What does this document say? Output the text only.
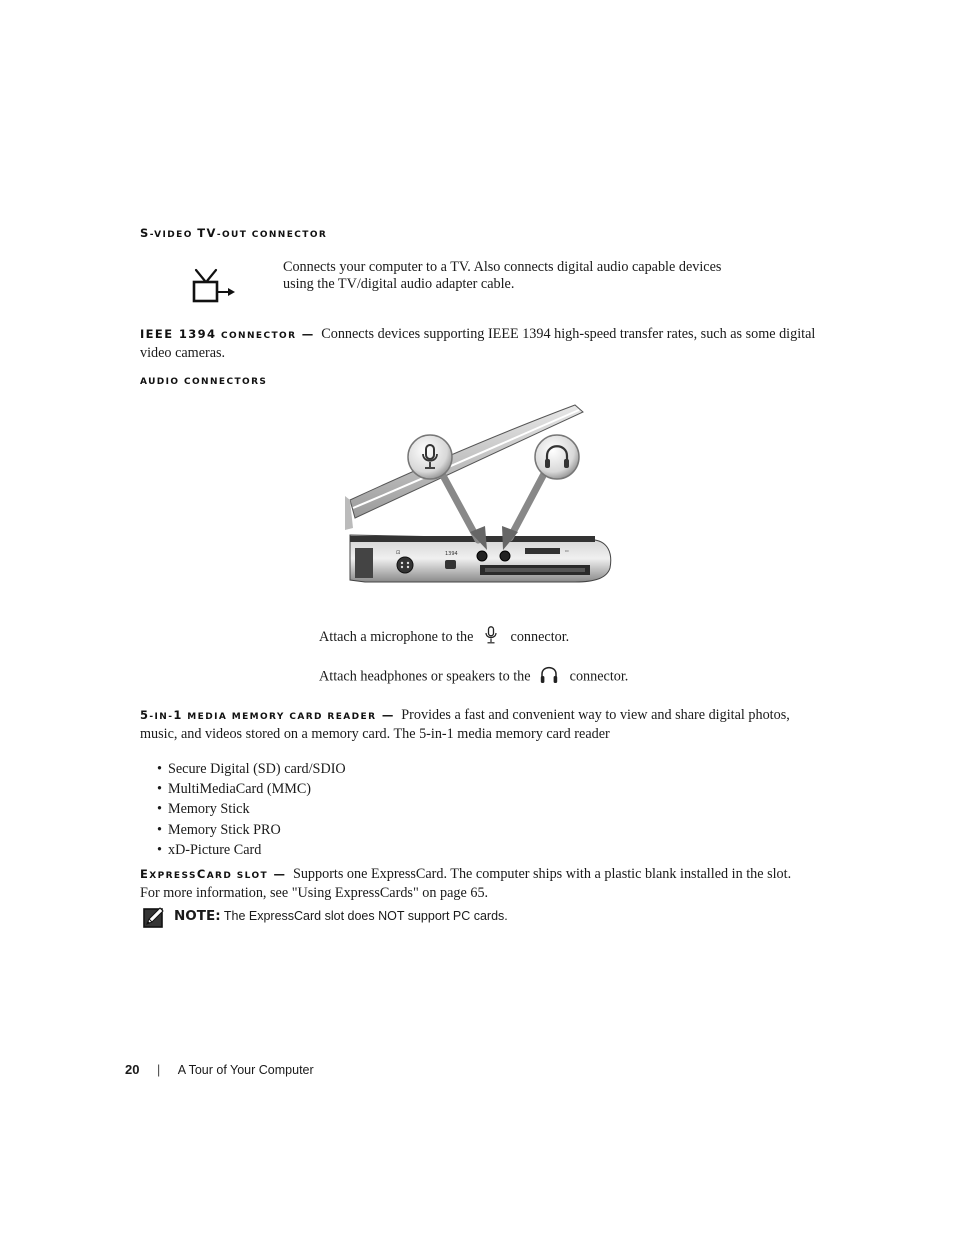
S-VIDEO TV-OUT CONNECTOR
Connects your computer to a TV. Also connects digital audio capable devices
using the TV/digital audio adapter cable.
IEEE 1394 CONNECTOR — Connects devices supporting IEEE 1394 high-speed transfer rates, such as some digital
video cameras.
AUDIO CONNECTORS
⊡	1394
▭
Attach a microphone to the	connector.
Attach headphones or speakers to the	connector.
5-IN-1 MEDIA MEMORY CARD READER — Provides a fast and convenient way to view and share digital photos,
music, and videos stored on a memory card. The 5-in-1 media memory card reader
• Secure Digital (SD) card/SDIO
• MultiMediaCard (MMC)
• Memory Stick
• Memory Stick PRO
• xD-Picture Card
EXPRESSCARD SLOT — Supports one ExpressCard. The computer ships with a plastic blank installed in the slot.
For more information, see "Using ExpressCards" on page 65.
NOTE: The ExpressCard slot does NOT support PC cards.
20 | A Tour of Your Computer
